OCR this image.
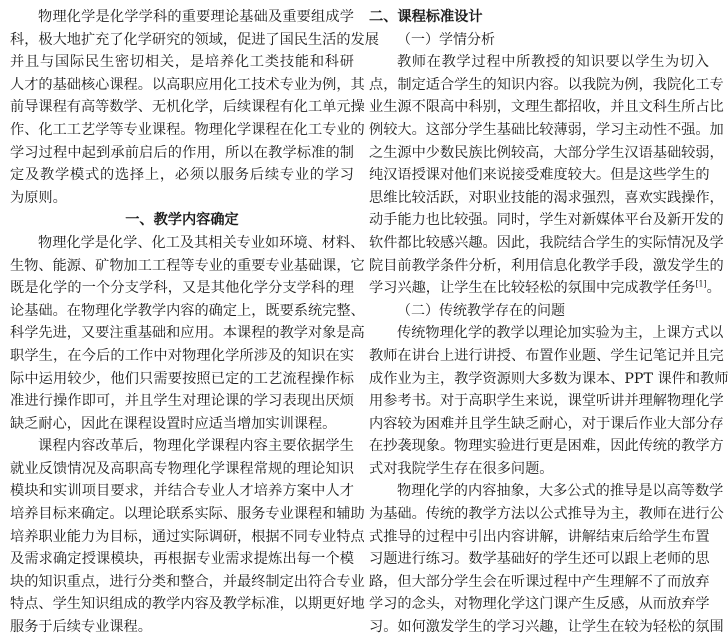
物理化学是化学学科的重要理论基础及重要组成学
科，极大地扩充了化学研究的领域，促进了国民生活的发展
并且与国际民生密切相关，是培养化工类技能和科研
人才的基础核心课程。以高职应用化工技术专业为例，其
前导课程有高等数学、无机化学，后续课程有化工单元操
作、化工工艺学等专业课程。物理化学课程在化工专业的
学习过程中起到承前启后的作用，所以在教学标准的制
定及教学模式的选择上，必须以服务后续专业的学习
为原则。
一、教学内容确定
物理化学是化学、化工及其相关专业如环境、材料、
生物、能源、矿物加工工程等专业的重要专业基础课，它
既是化学的一个分支学科，又是其他化学分支学科的理
论基础。在物理化学教学内容的确定上，既要系统完整、
科学先进，又要注重基础和应用。本课程的教学对象是高
职学生，在今后的工作中对物理化学所涉及的知识在实
际中运用较少，他们只需要按照已定的工艺流程操作标
准进行操作即可，并且学生对理论课的学习表现出厌烦
缺乏耐心，因此在课程设置时应适当增加实训课程。
课程内容改革后，物理化学课程内容主要依据学生
就业反馈情况及高职高专物理化学课程常规的理论知识
模块和实训项目要求，并结合专业人才培养方案中人才
培养目标来确定。以理论联系实际、服务专业课程和辅助
培养职业能力为目标，通过实际调研，根据不同专业特点
及需求确定授课模块，再根据专业需求提炼出每一个模
块的知识重点，进行分类和整合，并最终制定出符合专业
特点、学生知识组成的教学内容及教学标准，以期更好地
服务于后续专业课程。
二、课程标准设计
（一）学情分析
教师在教学过程中所教授的知识要以学生为切入
点，制定适合学生的知识内容。以我院为例，我院化工专
业生源不限高中科别，文理生都招收，并且文科生所占比
例较大。这部分学生基础比较薄弱，学习主动性不强。加
之生源中少数民族比例较高，大部分学生汉语基础较弱，
纯汉语授课对他们来说接受难度较大。但是这些学生的
思维比较活跃，对职业技能的渴求强烈，喜欢实践操作，
动手能力也比较强。同时，学生对新媒体平台及新开发的
软件都比较感兴趣。因此，我院结合学生的实际情况及学
院目前教学条件分析，利用信息化教学手段，激发学生的
学习兴趣，让学生在比较轻松的氛围中完成教学任务[1]。
（二）传统教学存在的问题
传统物理化学的教学以理论加实验为主，上课方式以
教师在讲台上进行讲授、布置作业题、学生记笔记并且完
成作业为主，教学资源则大多数为课本、PPT 课件和教师
用参考书。对于高职学生来说，课堂听讲并理解物理化学
内容较为困难并且学生缺乏耐心，对于课后作业大部分存
在抄袭现象。物理实验进行更是困难，因此传统的教学方
式对我院学生存在很多问题。
物理化学的内容抽象，大多公式的推导是以高等数学
为基础。传统的教学方法以公式推导为主，教师在进行公
式推导的过程中引出内容讲解，讲解结束后给学生布置
习题进行练习。数学基础好的学生还可以跟上老师的思
路，但大部分学生会在听课过程中产生理解不了而放弃
学习的念头，对物理化学这门课产生反感，从而放弃学
习。如何激发学生的学习兴趣，让学生在较为轻松的氛围
